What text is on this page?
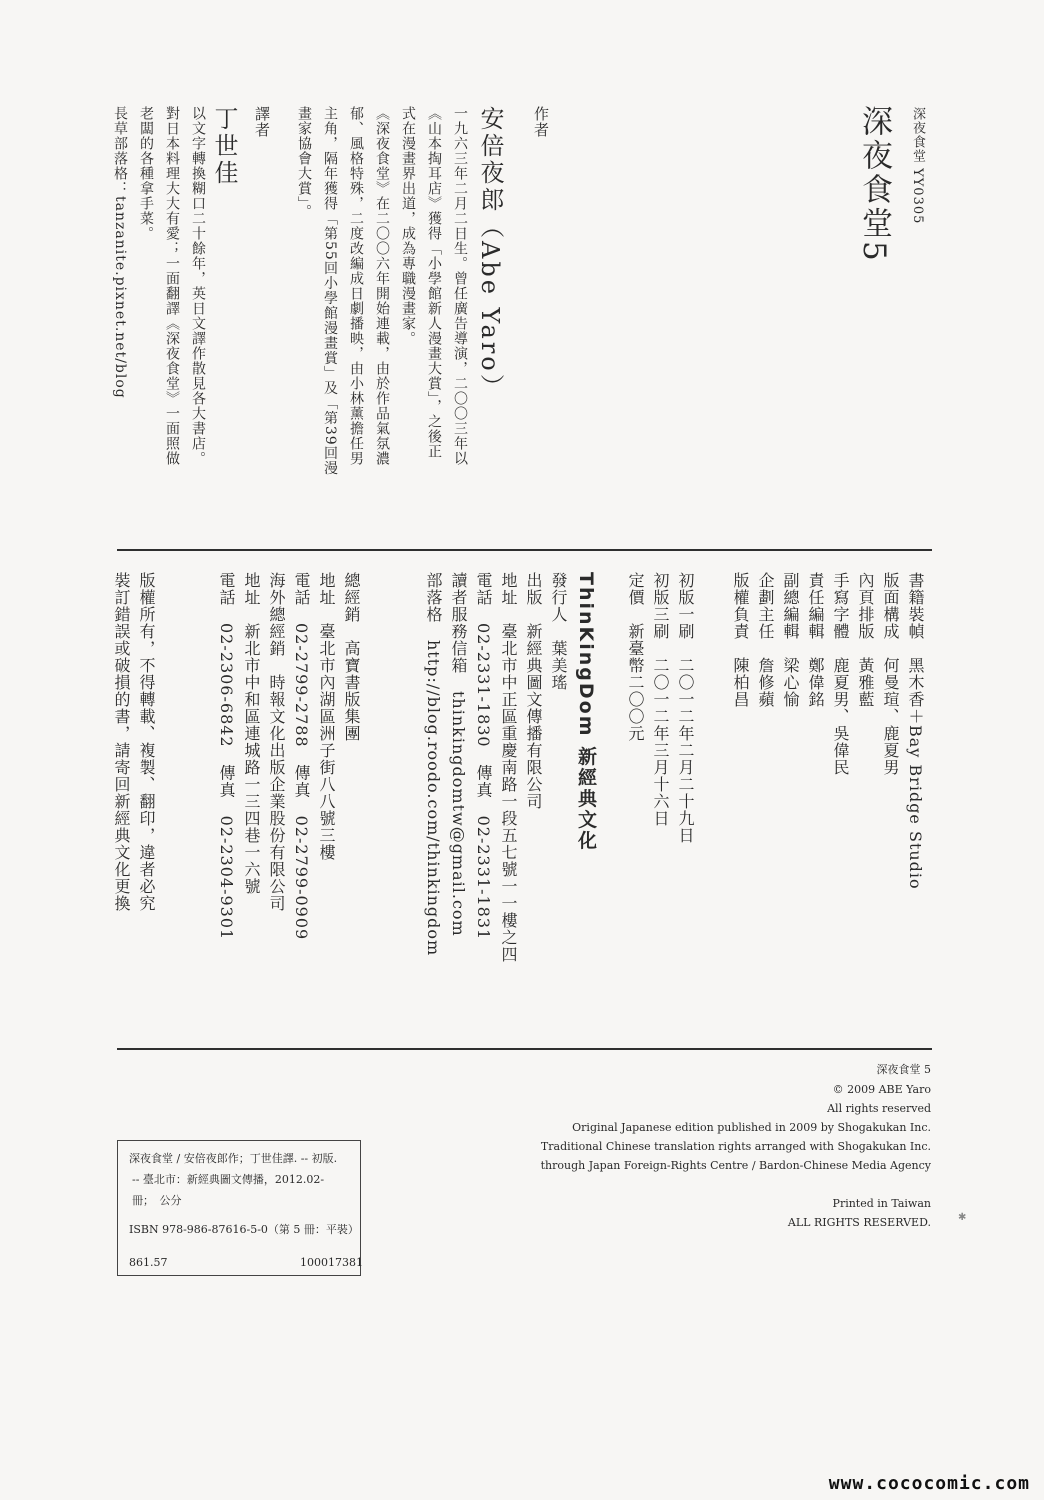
深夜食堂 YY0305
深夜食堂5
作者
安倍夜郎（Abe Yaro）
一九六三年二月二日生。曾任廣告導演，二〇〇三年以
《山本掏耳店》獲得「小學館新人漫畫大賞」，之後正
式在漫畫界出道，成為專職漫畫家。
《深夜食堂》在二〇〇六年開始連載，由於作品氣氛濃
郁、風格特殊，二度改編成日劇播映，由小林薰擔任男
主角，隔年獲得「第55回小學館漫畫賞」及「第39回漫
畫家協會大賞」。
譯者
丁世佳
以文字轉換糊口二十餘年，英日文譯作散見各大書店。
對日本料理大大有愛；一面翻譯《深夜食堂》一面照做
老闆的各種拿手菜。
長草部落格：tanzanite.pixnet.net/blog
書籍裝幀　黑木香＋Bay Bridge Studio
版面構成　何曼瑄、鹿夏男
內頁排版　黃雅藍
手寫字體　鹿夏男、吳偉民
責任編輯　鄭偉銘
副總編輯　梁心愉
企劃主任　詹修蘋
版權負責　陳柏昌
初版一刷　二〇一二年二月二十九日
初版三刷　二〇一二年三月十六日
定價　新臺幣二〇〇元
ThinKingDom 新經典文化
發行人　葉美瑤
出版　新經典圖文傳播有限公司
地址　臺北市中正區重慶南路一段五七號一一樓之四
電話　02-2331-1830　傳真　02-2331-1831
讀者服務信箱　thinkingdomtw@gmail.com
部落格　http://blog.roodo.com/thinkingdom
總經銷　高寶書版集團
地址　臺北市內湖區洲子街八八號三樓
電話　02-2799-2788　傳真　02-2799-0909
海外總經銷　時報文化出版企業股份有限公司
地址　新北市中和區連城路一三四巷一六號
電話　02-2306-6842　傳真　02-2304-9301
版權所有，不得轉載、複製、翻印，違者必究
裝訂錯誤或破損的書，請寄回新經典文化更換
深夜食堂 5
© 2009 ABE Yaro
All rights reserved
Original Japanese edition published in 2009 by Shogakukan Inc.
Traditional Chinese translation rights arranged with Shogakukan Inc.
through Japan Foreign-Rights Centre / Bardon-Chinese Media Agency
Printed in Taiwan
ALL RIGHTS RESERVED.
深夜食堂 / 安倍夜郎作；丁世佳譯. -- 初版.
-- 臺北市：新經典圖文傳播，2012.02-
冊；　公分
ISBN 978-986-87616-5-0（第 5 冊：平裝）
861.57	100017381
✱
www.cococomic.com
